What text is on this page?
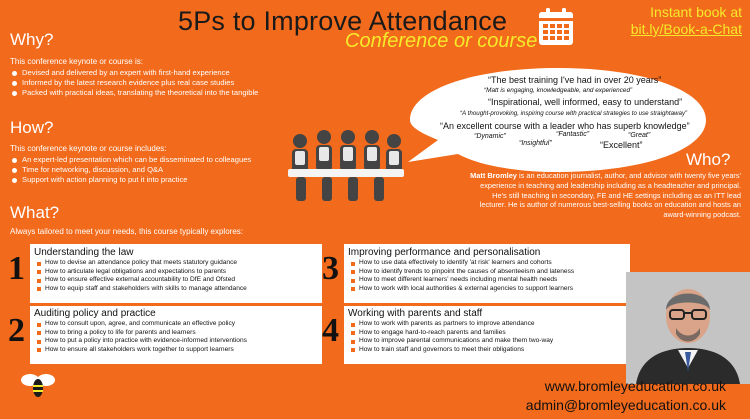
5Ps to Improve Attendance
Conference or course
Instant book at
bit.ly/Book-a-Chat
Why?
This conference keynote or course is:
Devised and delivered by an expert with first-hand experience
Informed by the latest research evidence plus real case studies
Packed with practical ideas, translating the theoretical into the tangible
How?
This conference keynote or course includes:
An expert-led presentation which can be disseminated to colleagues
Time for networking, discussion, and Q&A
Support with action planning to put it into practice
What?
Always tailored to meet your needs, this course typically explores:
“The best training I've had in over 20 years”
“Matt is engaging, knowledgeable, and experienced”
“Inspirational, well informed, easy to understand”
“A thought-provoking, inspiring course with practical strategies to use straightaway”
“An excellent course with a leader who has superb knowledge”
“Dynamic”	“Fantastic”	“Great”
“Insightful”	“Excellent”
Who?
Matt Bromley is an education journalist, author, and advisor with twenty five years' experience in teaching and leadership including as a headteacher and principal. He's still teaching in secondary, FE and HE settings including as an ITT lead lecturer. He is author of numerous best-selling books on education and hosts an award-winning podcast.
1 Understanding the law
How to devise an attendance policy that meets statutory guidance
How to articulate legal obligations and expectations to parents
How to ensure effective external accountability to DfE and Ofsted
How to equip staff and stakeholders with skills to manage attendance
2 Auditing policy and practice
How to consult upon, agree, and communicate an effective policy
How to bring a policy to life for parents and learners
How to put a policy into practice with evidence-informed interventions
How to ensure all stakeholders work together to support learners
3 Improving performance and personalisation
How to use data effectively to identify 'at risk' learners and cohorts
How to identify trends to pinpoint the causes of absenteeism and lateness
How to meet different learners' needs including mental health needs
How to work with local authorities & external agencies to support learners
4 Working with parents and staff
How to work with parents as partners to improve attendance
How to engage hard-to-reach parents and families
How to improve parental communications and make them two-way
How to train staff and governors to meet their obligations
bee
www.bromleyeducation.co.uk
admin@bromleyeducation.co.uk
